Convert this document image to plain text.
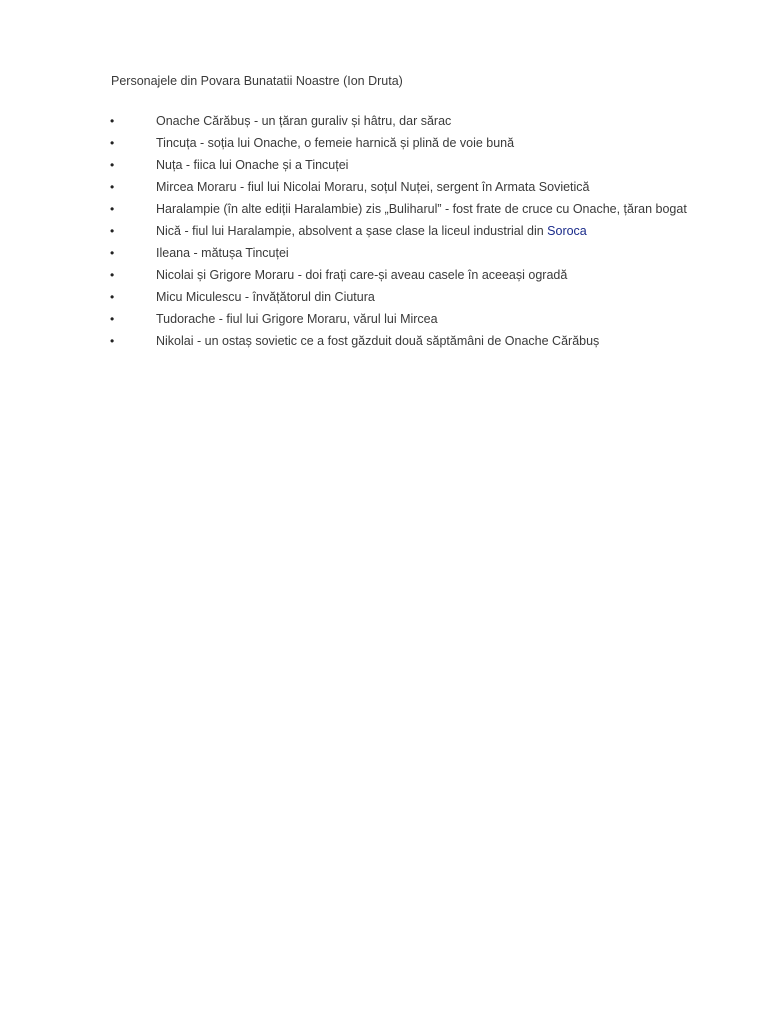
Personajele din Povara Bunatatii Noastre (Ion Druta)
•	Onache Cărăbuș - un țăran guraliv și hâtru, dar sărac
•	Tincuța - soția lui Onache, o femeie harnică și plină de voie bună
•	Nuța - fiica lui Onache și a Tincuței
•	Mircea Moraru - fiul lui Nicolai Moraru, soțul Nuței, sergent în Armata Sovietică
•	Haralampie (în alte ediții Haralambie) zis „Buliharul” - fost frate de cruce cu Onache, țăran bogat
•	Nică - fiul lui Haralampie, absolvent a șase clase la liceul industrial din Soroca
•	Ileana - mătușa Tincuței
•	Nicolai și Grigore Moraru - doi frați care-și aveau casele în aceeași ogradă
•	Micu Miculescu - învățătorul din Ciutura
•	Tudorache - fiul lui Grigore Moraru, vărul lui Mircea
•	Nikolai - un ostaș sovietic ce a fost găzduit două săptămâni de Onache Cărăbuș
